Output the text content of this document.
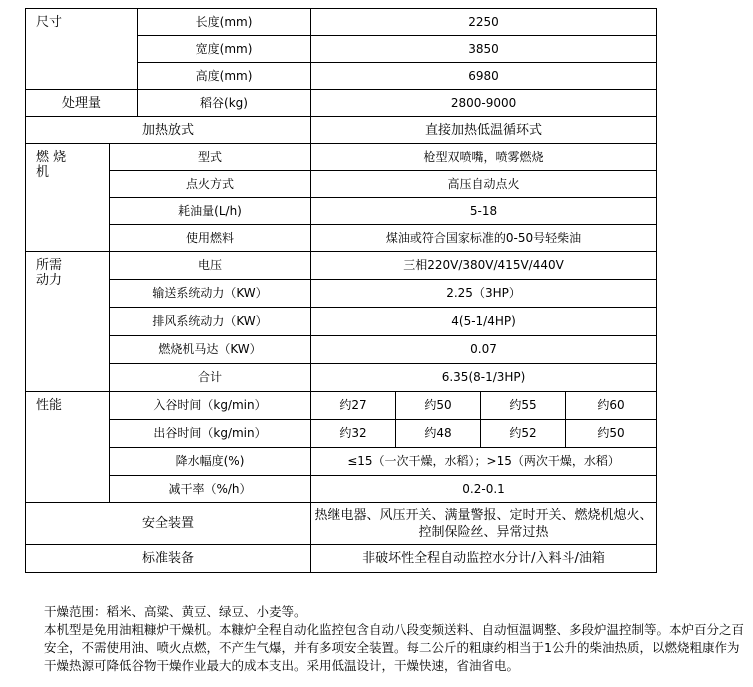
尺寸		长度(mm)	2250			
		宽度(mm)	3850			
		高度(mm)	6980			
处理量		稻谷(kg)	2800-9000			
加热放式			直接加热低温循环式			
燃 烧
机	型式		枪型双喷嘴，喷雾燃烧			
	点火方式		高压自动点火			
	耗油量(L/h)		5-18			
	使用燃料		煤油或符合国家标准的0-50号轻柴油			
所需
动力	电压		三相220V/380V/415V/440V			
	输送系统动力（KW）		2.25（3HP）			
	排风系统动力（KW）		4(5-1/4HP)			
	燃烧机马达（KW）		0.07			
	合计		6.35(8-1/3HP)			
性能	入谷时间（kg/min）		约27	约50	约55	约60
	出谷时间（kg/min）		约32	约48	约52	约50
	降水幅度(%)		≤15（一次干燥，水稻）；>15（两次干燥，水稻）			
	减干率（%/h）		0.2-0.1			
安全装置			热继电器、风压开关、满量警报、定时开关、燃烧机熄火、控制保险丝、异常过热			
标准装备			非破坏性全程自动监控水分计/入料斗/油箱			

干燥范围：稻米、高粱、黄豆、绿豆、小麦等。

本机型是免用油粗糠炉干燥机。本糠炉全程自动化监控包含自动八段变频送料、自动恒温调整、多段炉温控制等。本炉百分之百安全，不需使用油、喷火点燃，不产生气爆，并有多项安全装置。每二公斤的粗康约相当于1公升的柴油热质，以燃烧粗康作为干燥热源可降低谷物干燥作业最大的成本支出。采用低温设计，干燥快速，省油省电。
